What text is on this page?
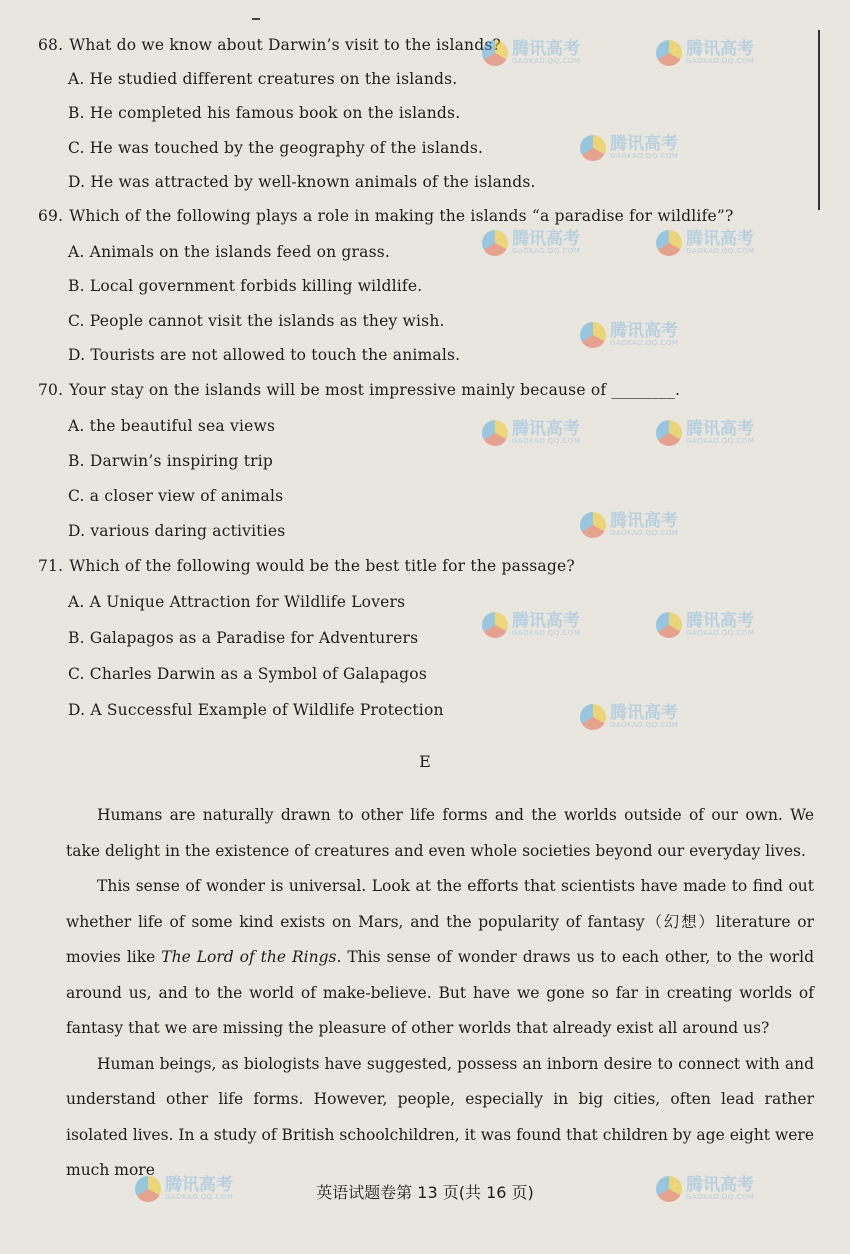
68. What do we know about Darwin’s visit to the islands?
A. He studied different creatures on the islands.
B. He completed his famous book on the islands.
C. He was touched by the geography of the islands.
D. He was attracted by well-known animals of the islands.
69. Which of the following plays a role in making the islands “a paradise for wildlife”?
A. Animals on the islands feed on grass.
B. Local government forbids killing wildlife.
C. People cannot visit the islands as they wish.
D. Tourists are not allowed to touch the animals.
70. Your stay on the islands will be most impressive mainly because of ________.
A. the beautiful sea views
B. Darwin’s inspiring trip
C. a closer view of animals
D. various daring activities
71. Which of the following would be the best title for the passage?
A. A Unique Attraction for Wildlife Lovers
B. Galapagos as a Paradise for Adventurers
C. Charles Darwin as a Symbol of Galapagos
D. A Successful Example of Wildlife Protection
E

Humans are naturally drawn to other life forms and the worlds outside of our own. We take delight in the existence of creatures and even whole societies beyond our everyday lives.

This sense of wonder is universal. Look at the efforts that scientists have made to find out whether life of some kind exists on Mars, and the popularity of fantasy（幻想）literature or movies like The Lord of the Rings. This sense of wonder draws us to each other, to the world around us, and to the world of make-believe. But have we gone so far in creating worlds of fantasy that we are missing the pleasure of other worlds that already exist all around us?

Human beings, as biologists have suggested, possess an inborn desire to connect with and understand other life forms. However, people, especially in big cities, often lead rather isolated lives. In a study of British schoolchildren, it was found that children by age eight were much more

英语试题卷第 13 页(共 16 页)
腾讯高考
GAOKAO.QQ.COM
腾讯高考
GAOKAO.QQ.COM
腾讯高考
GAOKAO.QQ.COM
腾讯高考
GAOKAO.QQ.COM
腾讯高考
GAOKAO.QQ.COM
腾讯高考
GAOKAO.QQ.COM
腾讯高考
GAOKAO.QQ.COM
腾讯高考
GAOKAO.QQ.COM
腾讯高考
GAOKAO.QQ.COM
腾讯高考
GAOKAO.QQ.COM
腾讯高考
GAOKAO.QQ.COM
腾讯高考
GAOKAO.QQ.COM
腾讯高考
GAOKAO.QQ.COM
腾讯高考
GAOKAO.QQ.COM
